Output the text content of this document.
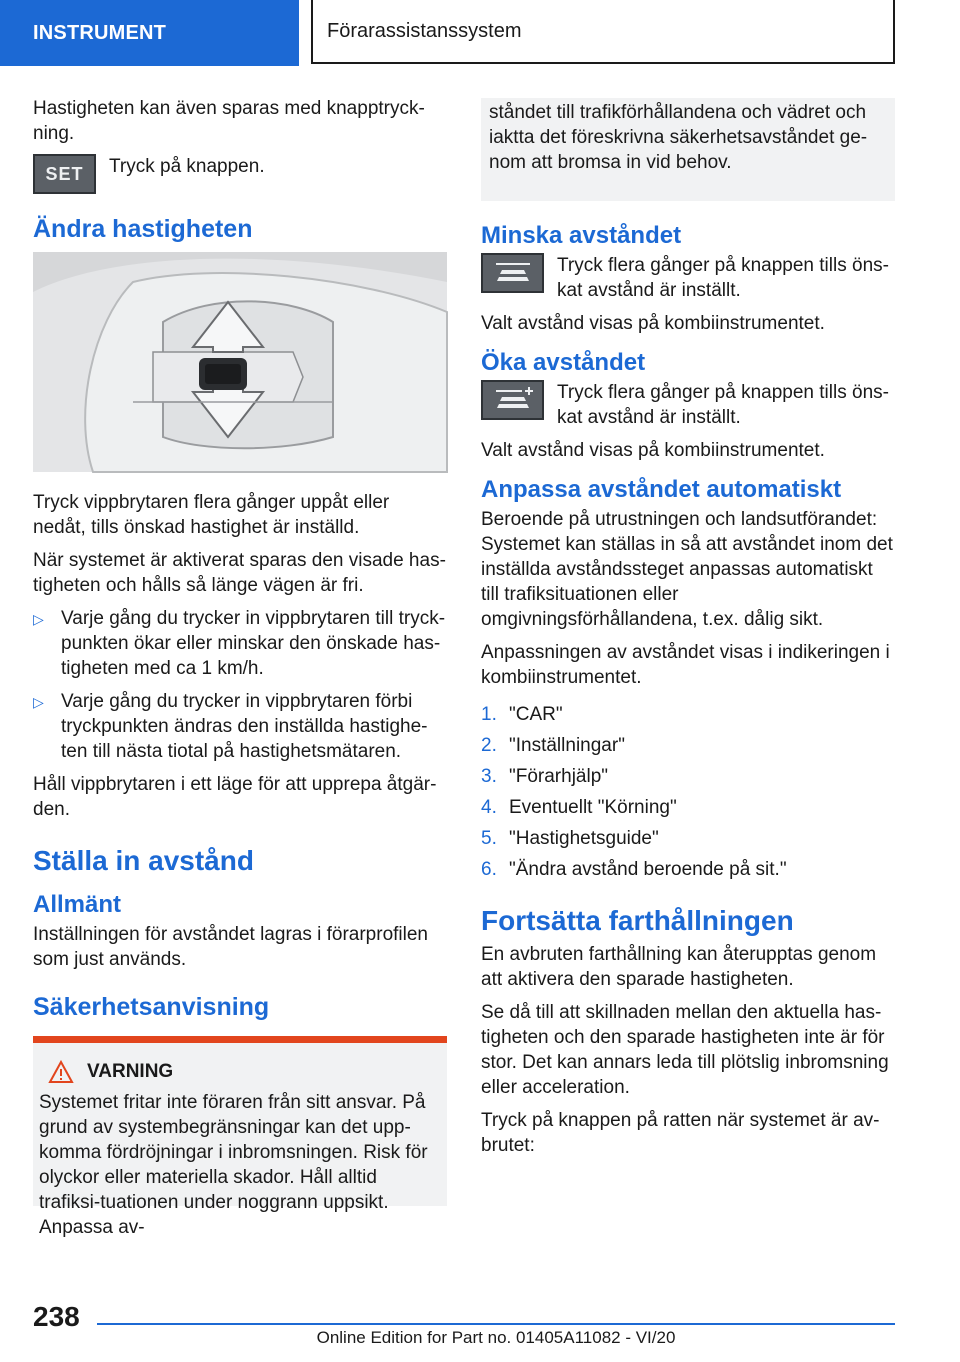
INSTRUMENT	Förarassistanssystem

Hastigheten kan även sparas med knapptryck-ning.

SET	Tryck på knappen.
Ändra hastigheten

Tryck vippbrytaren flera gånger uppåt eller nedåt, tills önskad hastighet är inställd.

När systemet är aktiverat sparas den visade has-tigheten och hålls så länge vägen är fri.

▷ Varje gång du trycker in vippbrytaren till tryck-punkten ökar eller minskar den önskade has-tigheten med ca 1 km/h.
▷ Varje gång du trycker in vippbrytaren förbi tryckpunkten ändras den inställda hastighe-ten till nästa tiotal på hastighetsmätaren.

Håll vippbrytaren i ett läge för att upprepa åtgär-den.

Ställa in avstånd
Allmänt

Inställningen för avståndet lagras i förarprofilen som just används.

Säkerhetsanvisning
VARNING

Systemet fritar inte föraren från sitt ansvar. På grund av systembegränsningar kan det upp-komma fördröjningar i inbromsningen. Risk för olyckor eller materiella skador. Håll alltid trafiksi-tuationen under noggrann uppsikt. Anpassa av-

ståndet till trafikförhållandena och vädret och iaktta det föreskrivna säkerhetsavståndet ge-nom att bromsa in vid behov.

Minska avståndet
Tryck flera gånger på knappen tills öns-kat avstånd är inställt.

Valt avstånd visas på kombiinstrumentet.

Öka avståndet
Tryck flera gånger på knappen tills öns-kat avstånd är inställt.

Valt avstånd visas på kombiinstrumentet.

Anpassa avståndet automatiskt

Beroende på utrustningen och landsutförandet: Systemet kan ställas in så att avståndet inom det inställda avståndssteget anpassas automatiskt till trafiksituationen eller omgivningsförhållandena, t.ex. dålig sikt.

Anpassningen av avståndet visas i indikeringen i kombiinstrumentet.

1. "CAR"
2. "Inställningar"
3. "Förarhjälp"
4. Eventuellt "Körning"
5. "Hastighetsguide"
6. "Ändra avstånd beroende på sit."
Fortsätta farthållningen

En avbruten farthållning kan återupptas genom att aktivera den sparade hastigheten.

Se då till att skillnaden mellan den aktuella has-tigheten och den sparade hastigheten inte är för stor. Det kan annars leda till plötslig inbromsning eller acceleration.

Tryck på knappen på ratten när systemet är av-brutet:

238
Online Edition for Part no. 01405A11082 - VI/20
